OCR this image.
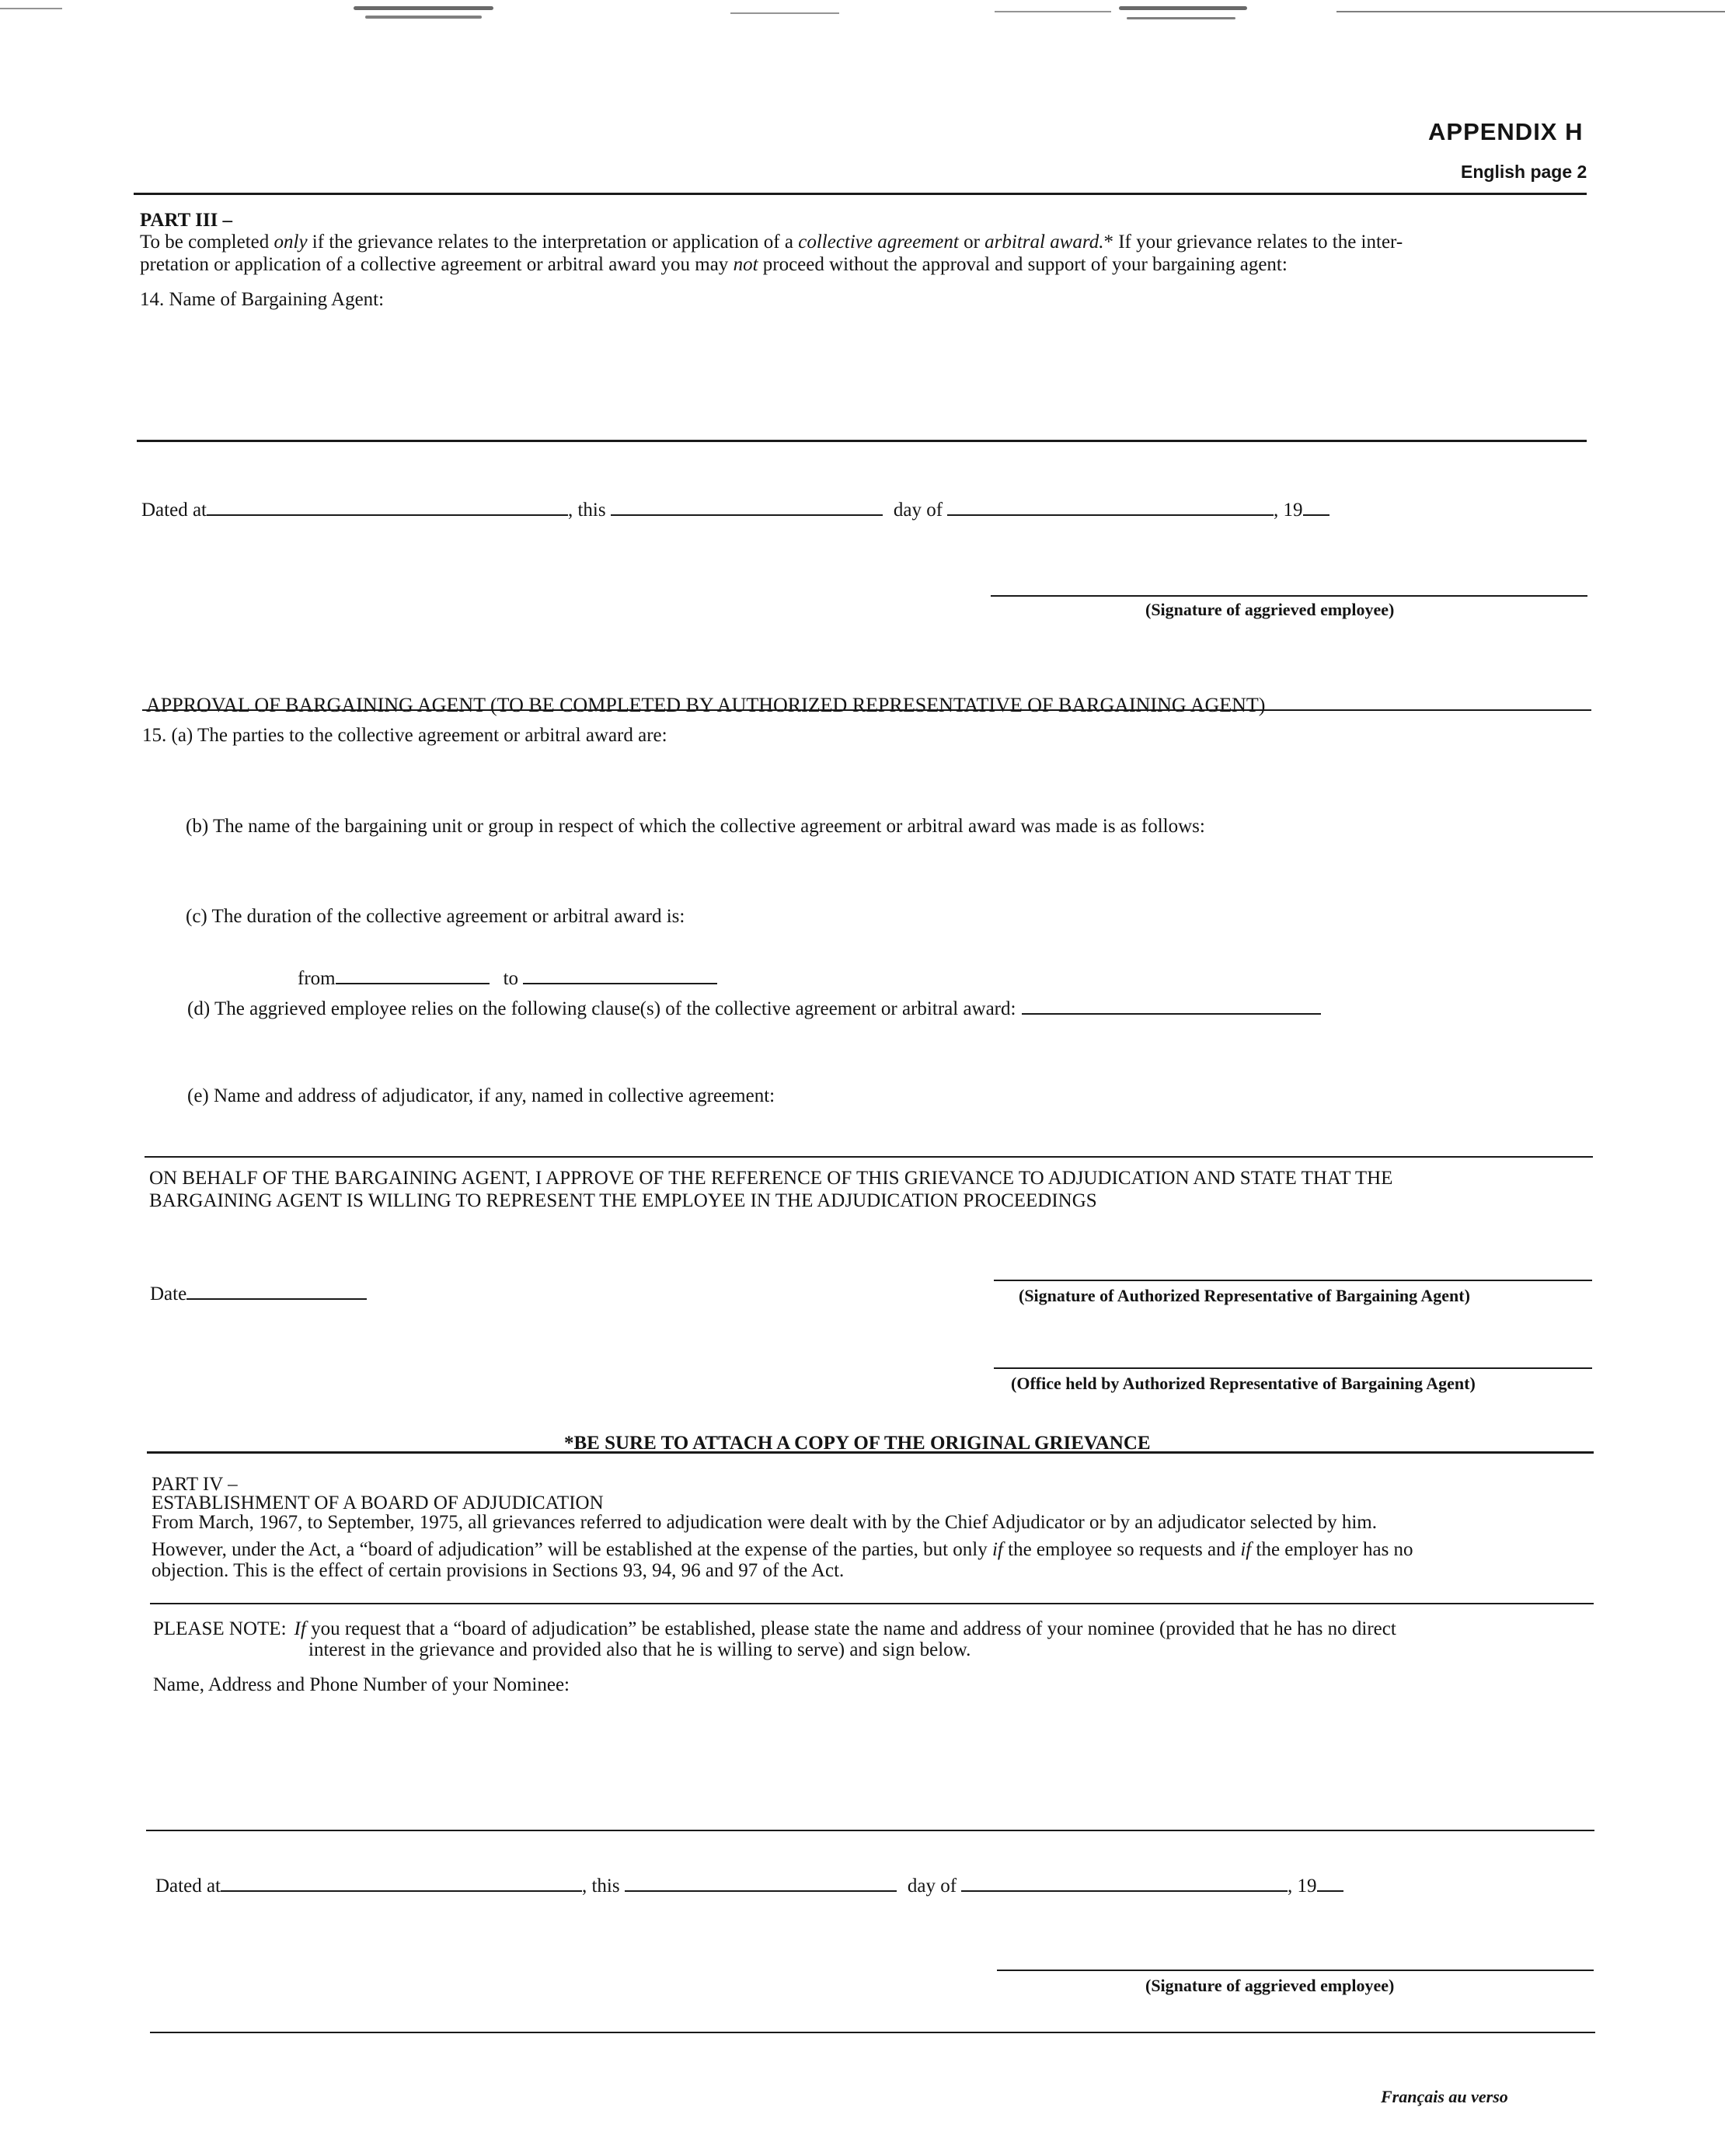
APPENDIX H
English page 2
PART III –
To be completed only if the grievance relates to the interpretation or application of a collective agreement or arbitral award.* If your grievance relates to the inter-
pretation or application of a collective agreement or arbitral award you may not proceed without the approval and support of your bargaining agent:
14. Name of Bargaining Agent:
Dated at	, this	day of	, 19
(Signature of aggrieved employee)
APPROVAL OF BARGAINING AGENT (TO BE COMPLETED BY AUTHORIZED REPRESENTATIVE OF BARGAINING AGENT)
15. (a) The parties to the collective agreement or arbitral award are:
(b) The name of the bargaining unit or group in respect of which the collective agreement or arbitral award was made is as follows:
(c) The duration of the collective agreement or arbitral award is:
from	to
(d) The aggrieved employee relies on the following clause(s) of the collective agreement or arbitral award:
(e) Name and address of adjudicator, if any, named in collective agreement:
ON BEHALF OF THE BARGAINING AGENT, I APPROVE OF THE REFERENCE OF THIS GRIEVANCE TO ADJUDICATION AND STATE THAT THE
BARGAINING AGENT IS WILLING TO REPRESENT THE EMPLOYEE IN THE ADJUDICATION PROCEEDINGS
Date	(Signature of Authorized Representative of Bargaining Agent)
(Office held by Authorized Representative of Bargaining Agent)
*BE SURE TO ATTACH A COPY OF THE ORIGINAL GRIEVANCE
PART IV –
ESTABLISHMENT OF A BOARD OF ADJUDICATION
From March, 1967, to September, 1975, all grievances referred to adjudication were dealt with by the Chief Adjudicator or by an adjudicator selected by him.
However, under the Act, a “board of adjudication” will be established at the expense of the parties, but only if the employee so requests and if the employer has no
objection. This is the effect of certain provisions in Sections 93, 94, 96 and 97 of the Act.
PLEASE NOTE: If you request that a “board of adjudication” be established, please state the name and address of your nominee (provided that he has no direct
interest in the grievance and provided also that he is willing to serve) and sign below.
Name, Address and Phone Number of your Nominee:
Dated at	, this	day of	, 19
(Signature of aggrieved employee)
Français au verso
